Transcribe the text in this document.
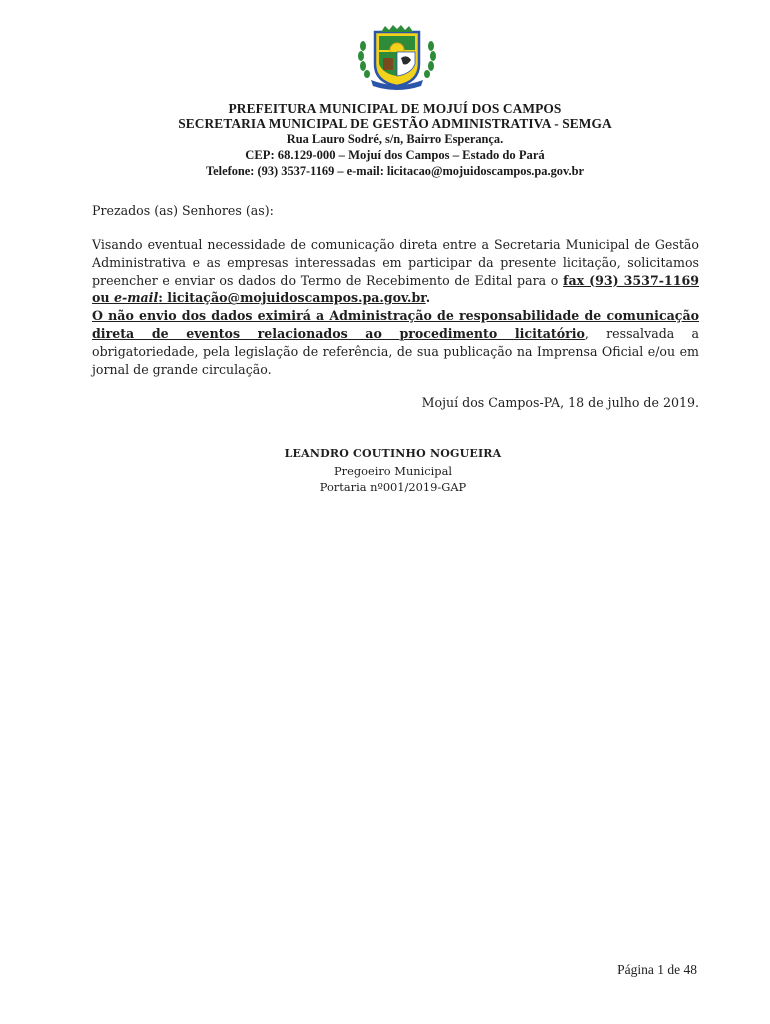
PREFEITURA MUNICIPAL DE MOJUÍ DOS CAMPOS
SECRETARIA MUNICIPAL DE GESTÃO ADMINISTRATIVA - SEMGA
Rua Lauro Sodré, s/n, Bairro Esperança.
CEP: 68.129-000 – Mojuí dos Campos – Estado do Pará
Telefone: (93) 3537-1169 – e-mail: licitacao@mojuidoscampos.pa.gov.br
Prezados (as) Senhores (as):

Visando eventual necessidade de comunicação direta entre a Secretaria Municipal de Gestão Administrativa e as empresas interessadas em participar da presente licitação, solicitamos preencher e enviar os dados do Termo de Recebimento de Edital para o fax (93) 3537-1169 ou e-mail: licitação@mojuidoscampos.pa.gov.br.
O não envio dos dados eximirá a Administração de responsabilidade de comunicação direta de eventos relacionados ao procedimento licitatório, ressalvada a obrigatoriedade, pela legislação de referência, de sua publicação na Imprensa Oficial e/ou em jornal de grande circulação.

Mojuí dos Campos-PA, 18 de julho de 2019.
LEANDRO COUTINHO NOGUEIRA
Pregoeiro Municipal
Portaria nº001/2019-GAP
Página 1 de 48
